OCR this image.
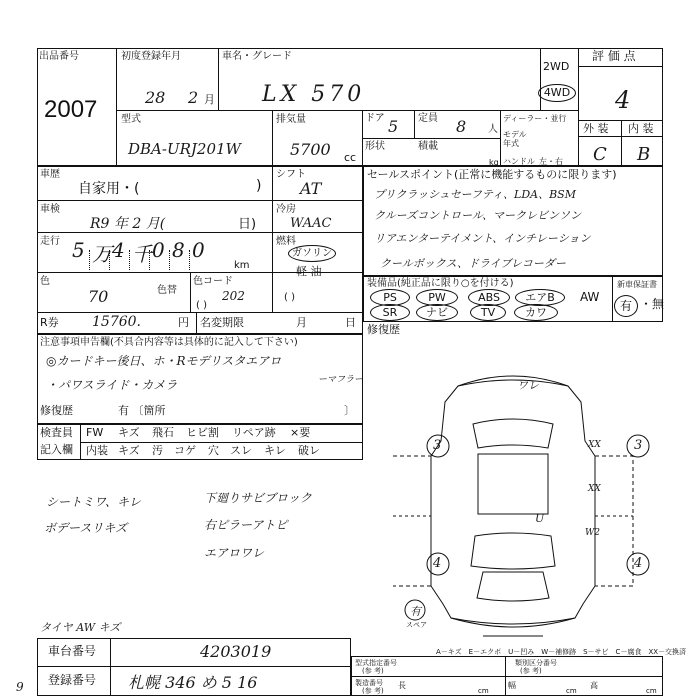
出品番号
2007
初度登録年月
28 2 月
車名・グレード
LX 570
2WD
4WD
評 価 点
4
外 装 内 装
C B
型式
DBA-URJ201W
排気量
5700 cc
ドア 5 定員 8 人
ディーラー・並行
モデル
年式
ハンドル 左・右
形状	積載
kg
車歴
自家用・(	)
シフト
AT
車検
R9 年 2 月(	日)
冷房
WAAC
走行 5 万 4 千 0 8 0
km
燃料
ガソリン
軽 油
( )
色
70	色替
色コード
202
( )
R券 15760.	円 名変期限	月	日
セールスポイント(正常に機能するものに限ります)
プリクラッシュセーフティ、LDA、BSM
クルーズコントロール、マークレビンソン
リアエンターテイメント、インチレーション
クールボックス、ドライブレコーダー
装備品(純正品に限り○を付ける)	新車保証書
有 ・無
PS	PW	ABS	エアB	AW
SR	ナビ	TV	カワ
修復歴
注意事項申告欄(不具合内容等は具体的に記入して下さい)
◎カードキー後日、ホ・Rモデリスタエアロ
ーマフラー
・パワスライド・カメラ
修復歴	有 〔箇所	〕
検査員
記入欄
FW キズ 飛石 ヒビ割 リペア跡 ×要
内装 キズ 汚 コゲ 穴 スレ キレ 破レ
シートミワ、キレ
ボデースリキズ
下廻りサビブロック
右ピラーアトピ
エアロワレ
タイヤ AW キズ
9
ワレ
3	3
4	4
XX
XX
W2
U
有
スペア
A－キズ　E－エクボ　U－凹み　W－補修跡　S－サビ　C－腐食　XX－交換済
車台番号	4203019
登録番号 札幌 346 め 5 16
型式指定番号
(参 考)
類別区分番号
(参 考)
製造番号
(参 考)
長
cm
幅
cm
高
cm
